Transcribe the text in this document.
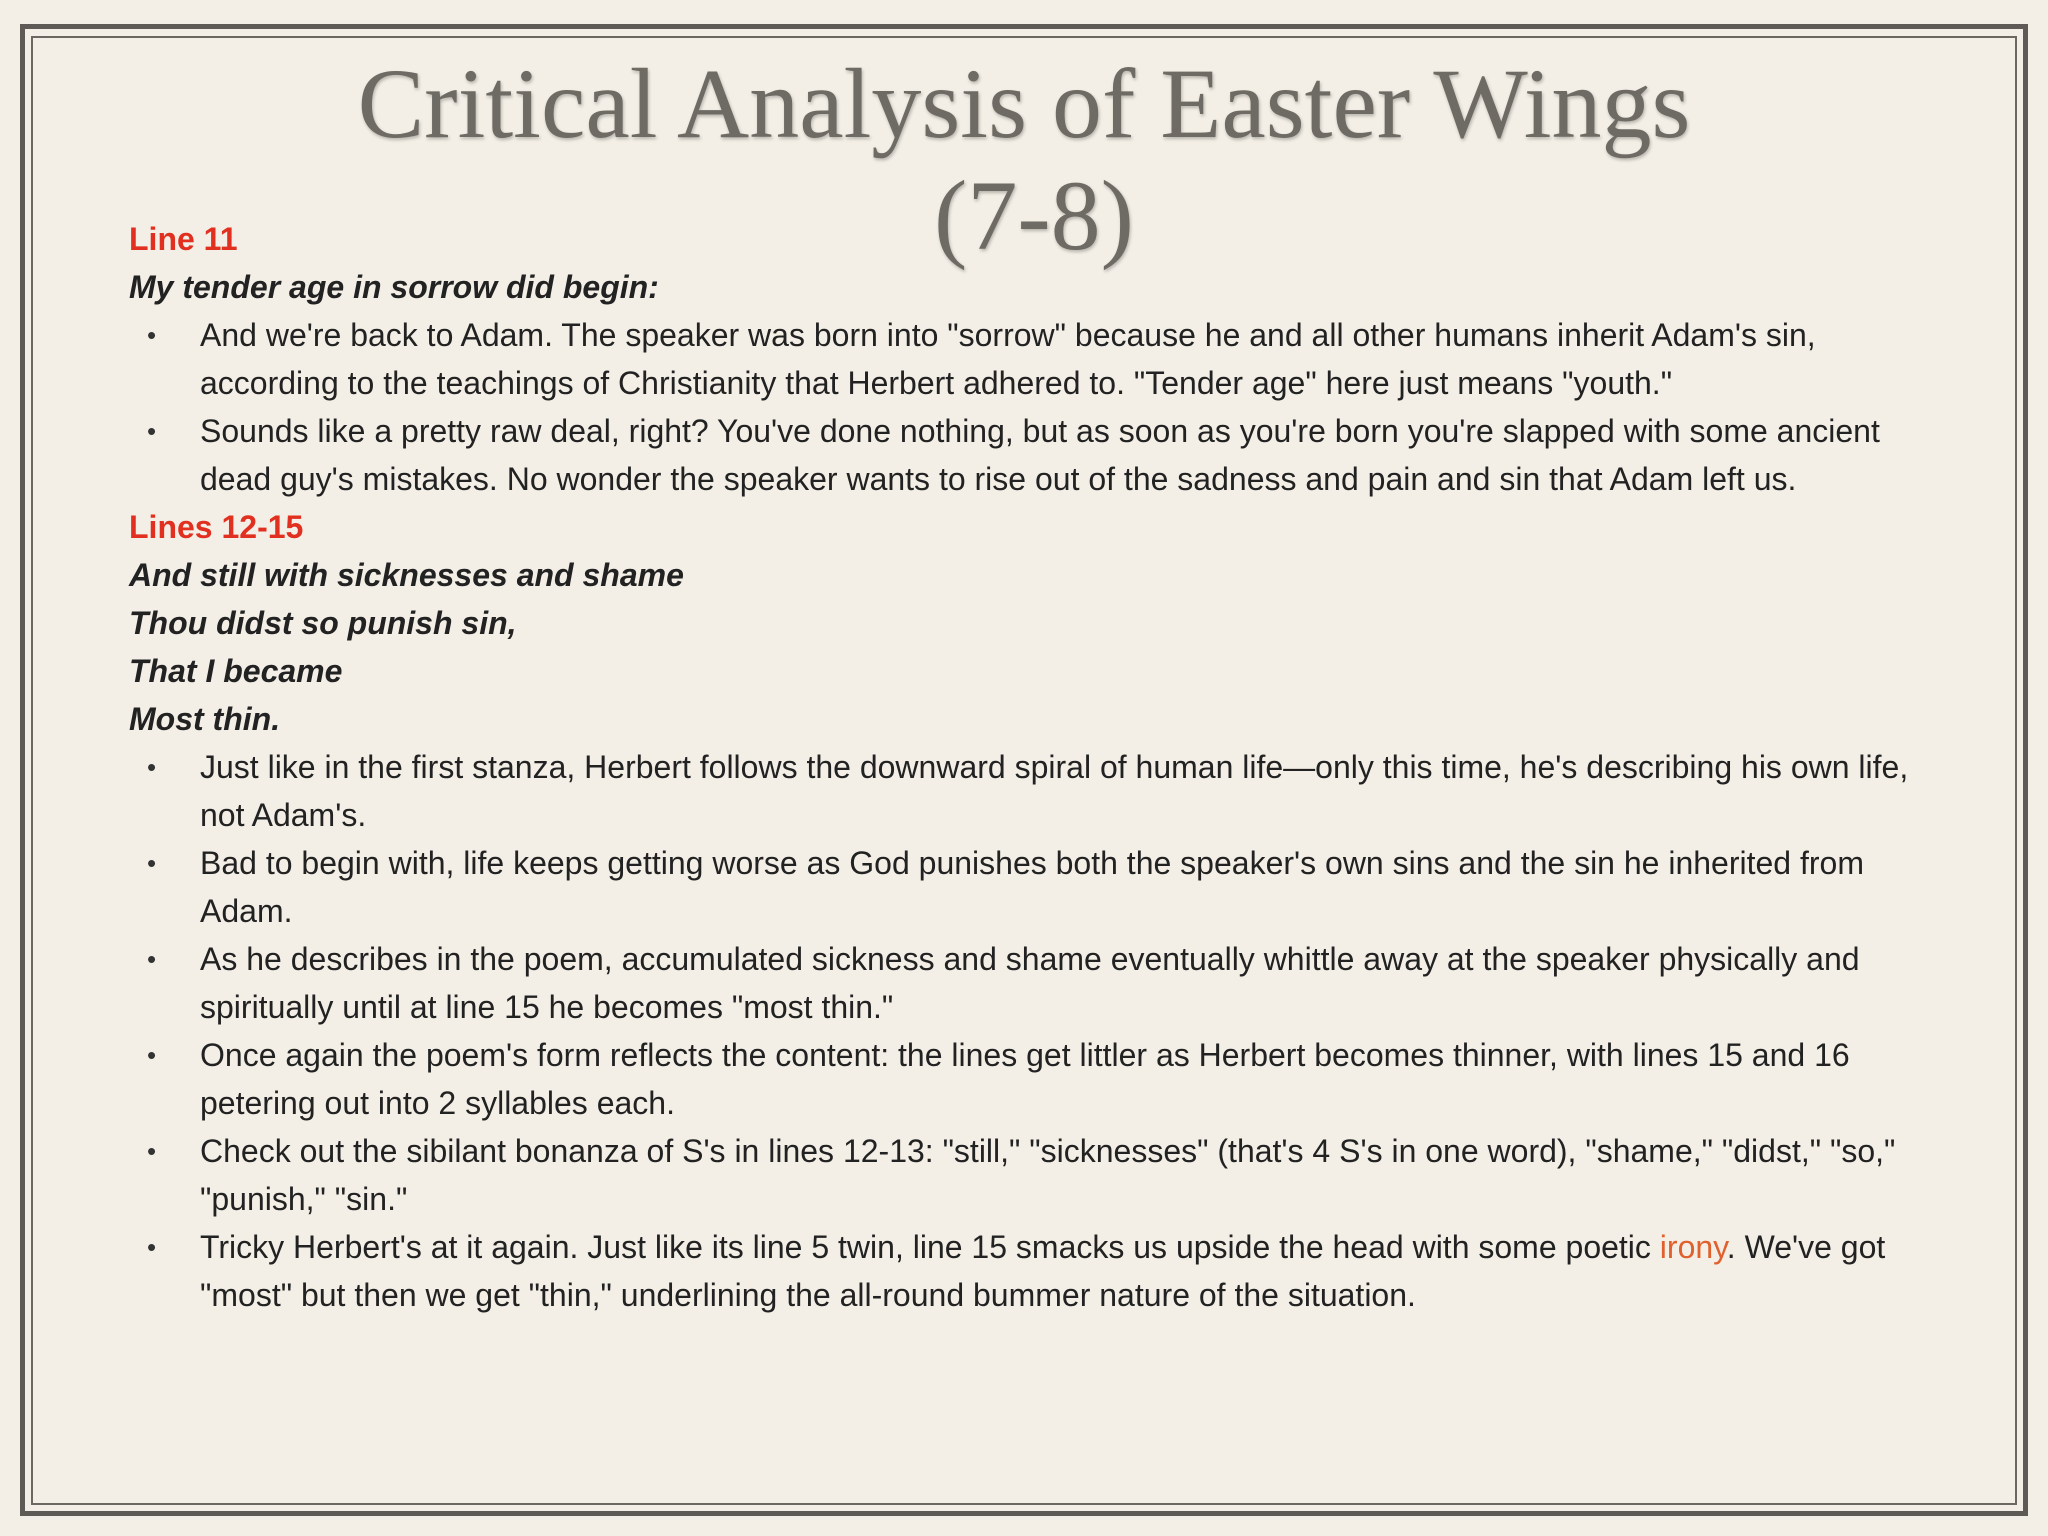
Critical Analysis of Easter Wings
(7-8)

Line 11

My tender age in sorrow did begin:

• And we're back to Adam. The speaker was born into "sorrow" because he and all other humans inherit Adam's sin, according to the teachings of Christianity that Herbert adhered to. "Tender age" here just means "youth."
• Sounds like a pretty raw deal, right? You've done nothing, but as soon as you're born you're slapped with some ancient dead guy's mistakes. No wonder the speaker wants to rise out of the sadness and pain and sin that Adam left us.

Lines 12-15

And still with sicknesses and shame

Thou didst so punish sin,

That I became

Most thin.

• Just like in the first stanza, Herbert follows the downward spiral of human life—only this time, he's describing his own life, not Adam's.
• Bad to begin with, life keeps getting worse as God punishes both the speaker's own sins and the sin he inherited from Adam.
• As he describes in the poem, accumulated sickness and shame eventually whittle away at the speaker physically and spiritually until at line 15 he becomes "most thin."
• Once again the poem's form reflects the content: the lines get littler as Herbert becomes thinner, with lines 15 and 16 petering out into 2 syllables each.
• Check out the sibilant bonanza of S's in lines 12-13: "still," "sicknesses" (that's 4 S's in one word), "shame," "didst," "so," "punish," "sin."
• Tricky Herbert's at it again. Just like its line 5 twin, line 15 smacks us upside the head with some poetic irony. We've got "most" but then we get "thin," underlining the all-round bummer nature of the situation.
